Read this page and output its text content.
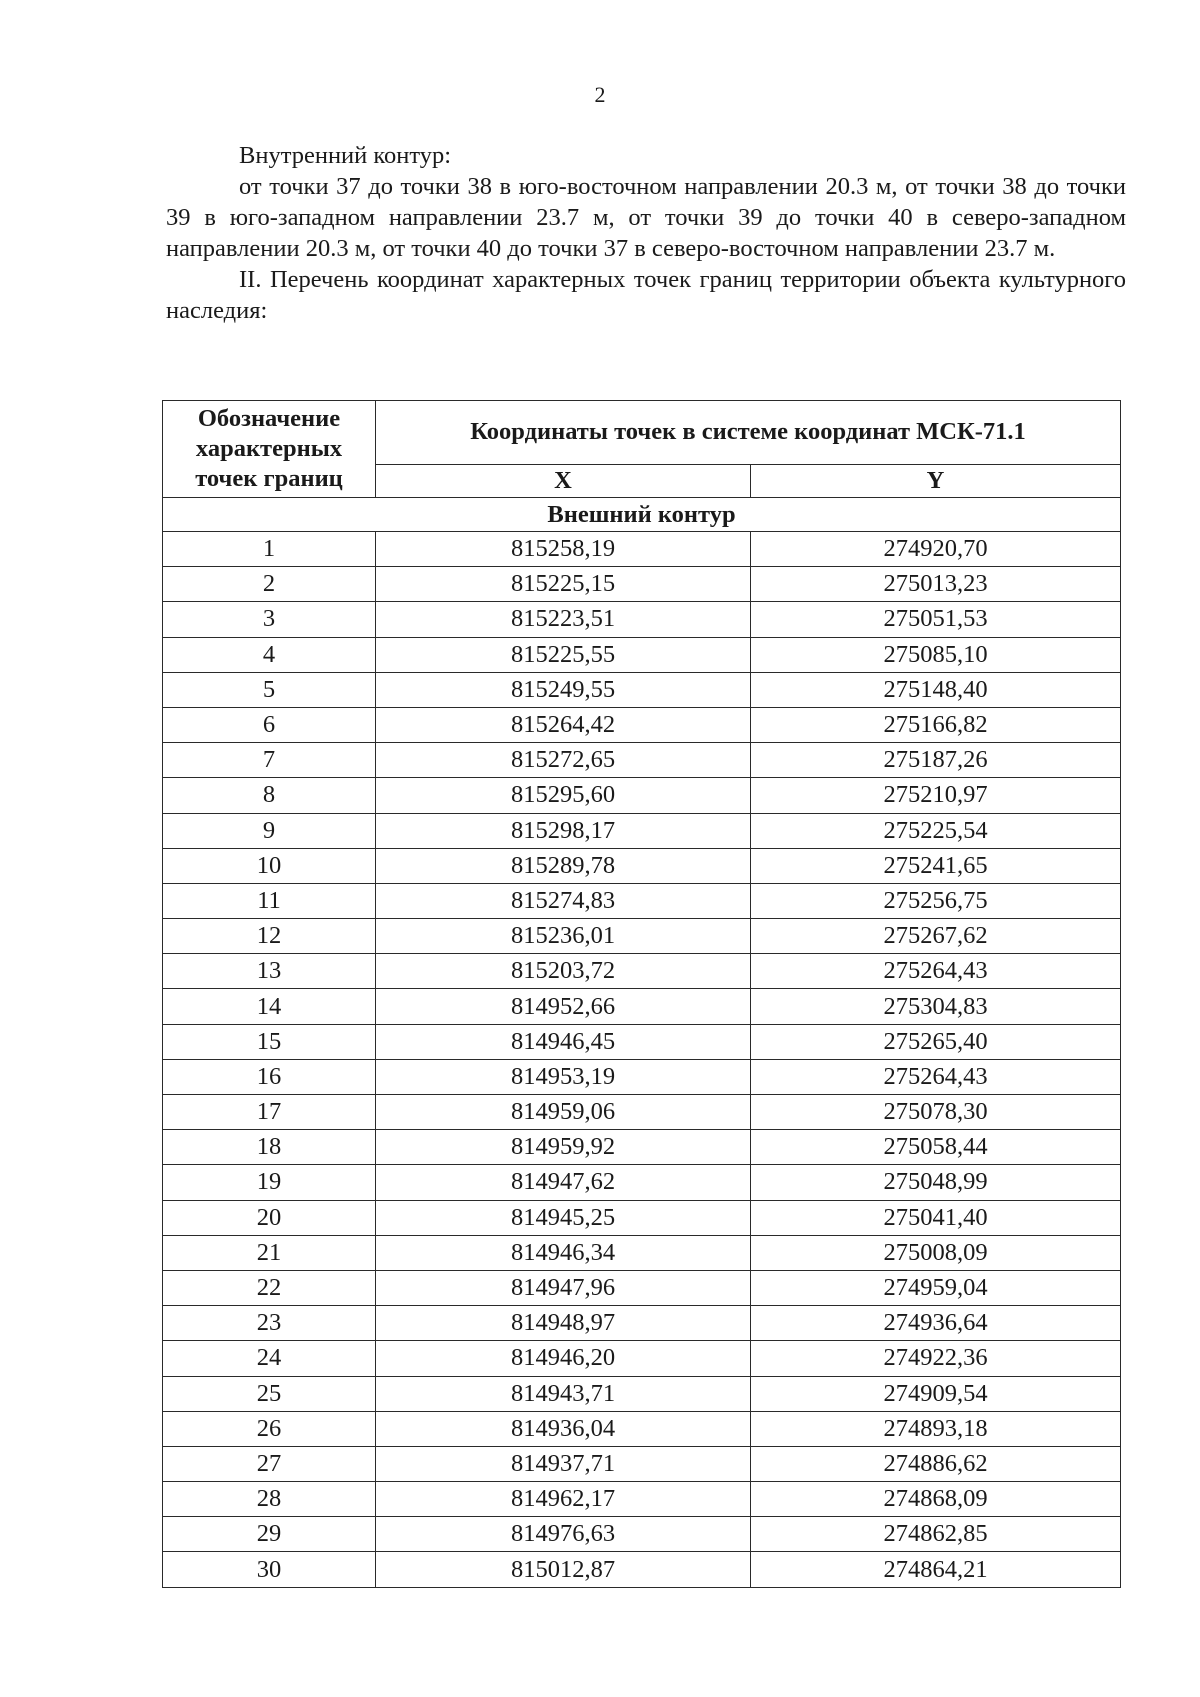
2

Внутренний контур:

от точки 37 до точки 38 в юго-восточном направлении 20.3 м, от точки 38 до точки 39 в юго-западном направлении 23.7 м, от точки 39 до точки 40 в северо-западном направлении 20.3 м, от точки 40 до точки 37 в северо-восточном направлении 23.7 м.

II. Перечень координат характерных точек границ территории объекта культурного наследия:

Обозначение характерных точек границ	Координаты точек в системе координат МСК-71.1	
	X	Y
Внешний контур		
1	815258,19	274920,70
2	815225,15	275013,23
3	815223,51	275051,53
4	815225,55	275085,10
5	815249,55	275148,40
6	815264,42	275166,82
7	815272,65	275187,26
8	815295,60	275210,97
9	815298,17	275225,54
10	815289,78	275241,65
11	815274,83	275256,75
12	815236,01	275267,62
13	815203,72	275264,43
14	814952,66	275304,83
15	814946,45	275265,40
16	814953,19	275264,43
17	814959,06	275078,30
18	814959,92	275058,44
19	814947,62	275048,99
20	814945,25	275041,40
21	814946,34	275008,09
22	814947,96	274959,04
23	814948,97	274936,64
24	814946,20	274922,36
25	814943,71	274909,54
26	814936,04	274893,18
27	814937,71	274886,62
28	814962,17	274868,09
29	814976,63	274862,85
30	815012,87	274864,21
